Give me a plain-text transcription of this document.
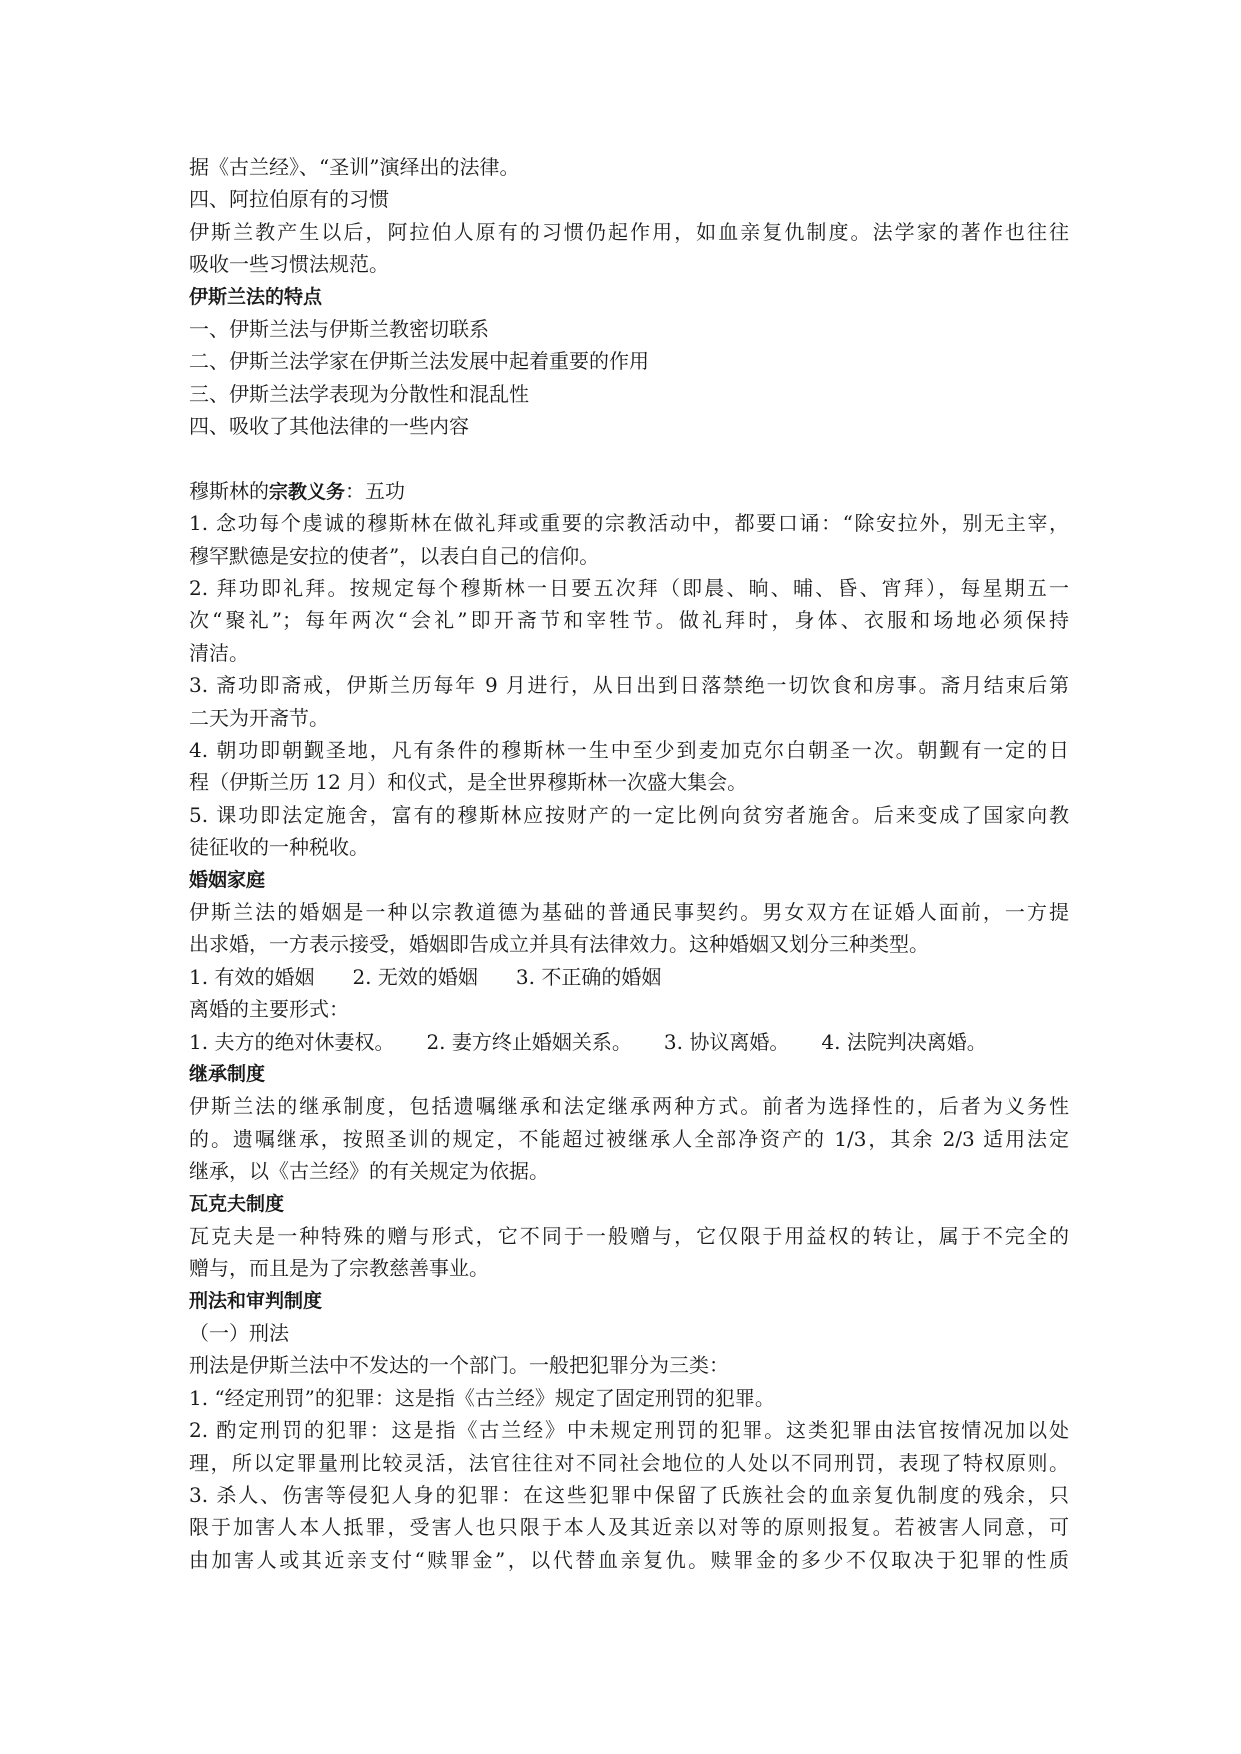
据《古兰经》、“圣训”演绎出的法律。
四、阿拉伯原有的习惯
伊斯兰教产生以后，阿拉伯人原有的习惯仍起作用，如血亲复仇制度。法学家的著作也往往
吸收一些习惯法规范。
伊斯兰法的特点
一、伊斯兰法与伊斯兰教密切联系
二、伊斯兰法学家在伊斯兰法发展中起着重要的作用
三、伊斯兰法学表现为分散性和混乱性
四、吸收了其他法律的一些内容
穆斯林的宗教义务：五功
1. 念功每个虔诚的穆斯林在做礼拜或重要的宗教活动中，都要口诵：“除安拉外，别无主宰，
穆罕默德是安拉的使者”，以表白自己的信仰。
2. 拜功即礼拜。按规定每个穆斯林一日要五次拜（即晨、晌、晡、昏、宵拜），每星期五一
次“聚礼”；每年两次“会礼”即开斋节和宰牲节。做礼拜时，身体、衣服和场地必须保持
清洁。
3. 斋功即斋戒，伊斯兰历每年 9 月进行，从日出到日落禁绝一切饮食和房事。斋月结束后第
二天为开斋节。
4. 朝功即朝觐圣地，凡有条件的穆斯林一生中至少到麦加克尔白朝圣一次。朝觐有一定的日
程（伊斯兰历 12 月）和仪式，是全世界穆斯林一次盛大集会。
5. 课功即法定施舍，富有的穆斯林应按财产的一定比例向贫穷者施舍。后来变成了国家向教
徒征收的一种税收。
婚姻家庭
伊斯兰法的婚姻是一种以宗教道德为基础的普通民事契约。男女双方在证婚人面前，一方提
出求婚，一方表示接受，婚姻即告成立并具有法律效力。这种婚姻又划分三种类型。
1. 有效的婚姻 2. 无效的婚姻 3. 不正确的婚姻
离婚的主要形式：
1. 夫方的绝对休妻权。 2. 妻方终止婚姻关系。 3. 协议离婚。 4. 法院判决离婚。
继承制度
伊斯兰法的继承制度，包括遗嘱继承和法定继承两种方式。前者为选择性的，后者为义务性
的。遗嘱继承，按照圣训的规定，不能超过被继承人全部净资产的 1/3，其余 2/3 适用法定
继承，以《古兰经》的有关规定为依据。
瓦克夫制度
瓦克夫是一种特殊的赠与形式，它不同于一般赠与，它仅限于用益权的转让，属于不完全的
赠与，而且是为了宗教慈善事业。
刑法和审判制度
（一）刑法
刑法是伊斯兰法中不发达的一个部门。一般把犯罪分为三类：
1. “经定刑罚”的犯罪：这是指《古兰经》规定了固定刑罚的犯罪。
2. 酌定刑罚的犯罪：这是指《古兰经》中未规定刑罚的犯罪。这类犯罪由法官按情况加以处
理，所以定罪量刑比较灵活，法官往往对不同社会地位的人处以不同刑罚，表现了特权原则。
3. 杀人、伤害等侵犯人身的犯罪：在这些犯罪中保留了氏族社会的血亲复仇制度的残余，只
限于加害人本人抵罪，受害人也只限于本人及其近亲以对等的原则报复。若被害人同意，可
由加害人或其近亲支付“赎罪金”，以代替血亲复仇。赎罪金的多少不仅取决于犯罪的性质
